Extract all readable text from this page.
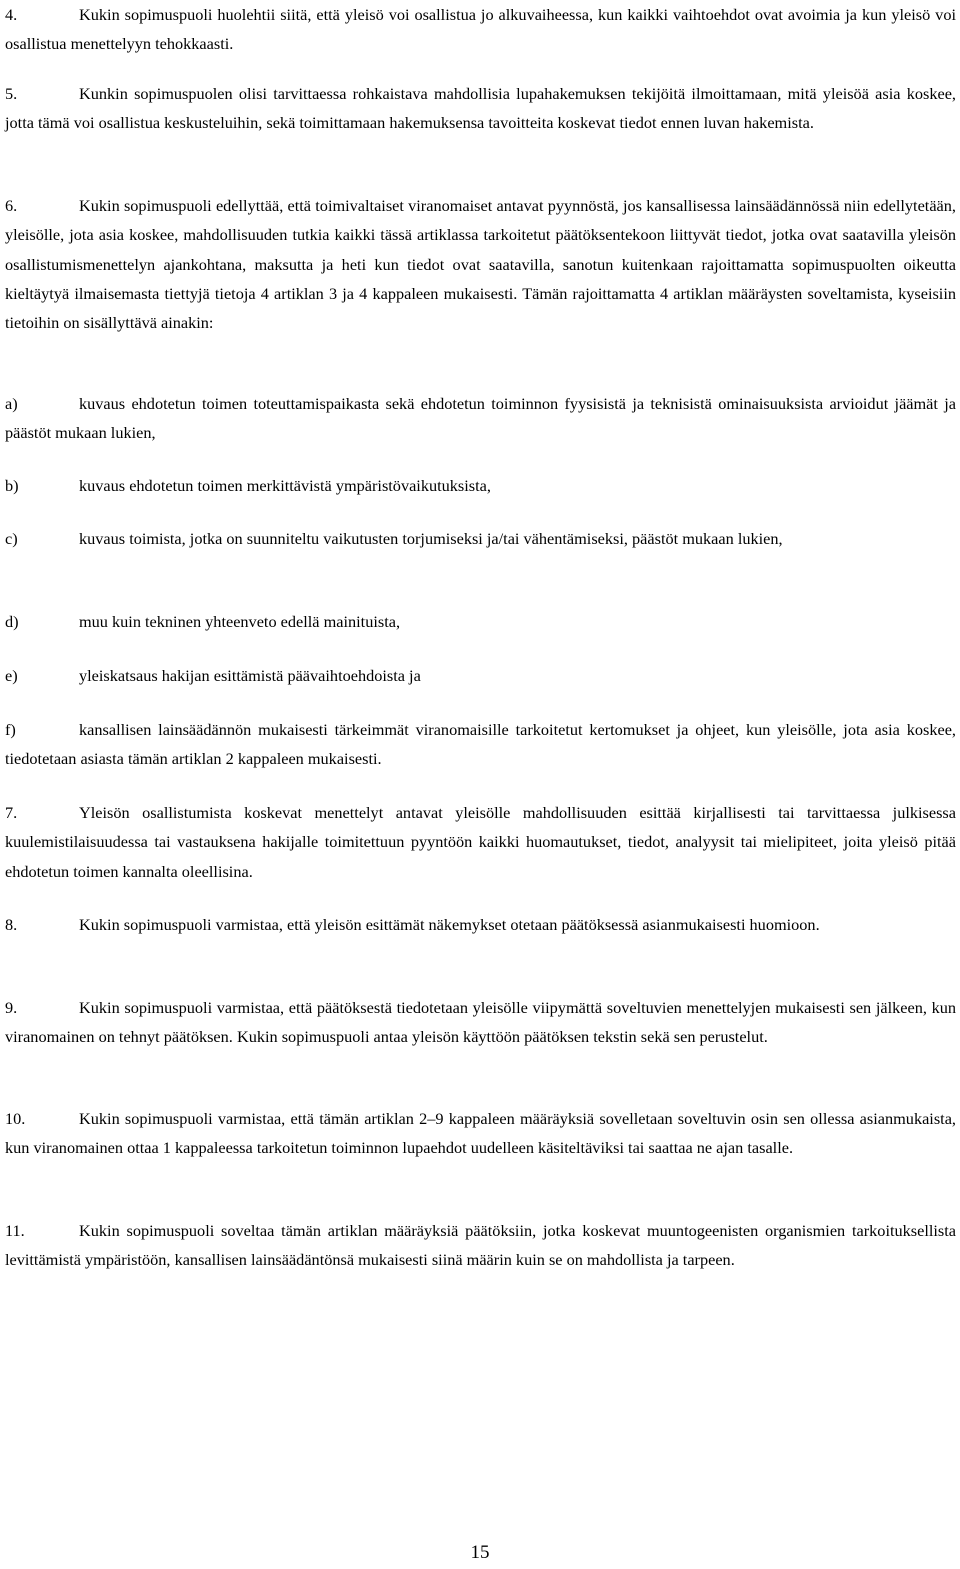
4.	Kukin sopimuspuoli huolehtii siitä, että yleisö voi osallistua jo alkuvaiheessa, kun kaikki vaihtoehdot ovat avoimia ja kun yleisö voi osallistua menettelyyn tehokkaasti.

5.	Kunkin sopimuspuolen olisi tarvittaessa rohkaistava mahdollisia lupahakemuksen tekijöitä ilmoittamaan, mitä yleisöä asia koskee, jotta tämä voi osallistua keskusteluihin, sekä toimittamaan hakemuksensa tavoitteita koskevat tiedot ennen luvan hakemista.

6.	Kukin sopimuspuoli edellyttää, että toimivaltaiset viranomaiset antavat pyynnöstä, jos kansallisessa lainsäädännössä niin edellytetään, yleisölle, jota asia koskee, mahdollisuuden tutkia kaikki tässä artiklassa tarkoitetut päätöksentekoon liittyvät tiedot, jotka ovat saatavilla yleisön osallistumismenettelyn ajankohtana, maksutta ja heti kun tiedot ovat saatavilla, sanotun kuitenkaan rajoittamatta sopimuspuolten oikeutta kieltäytyä ilmaisemasta tiettyjä tietoja 4 artiklan 3 ja 4 kappaleen mukaisesti. Tämän rajoittamatta 4 artiklan määräysten soveltamista, kyseisiin tietoihin on sisällyttävä ainakin:

a)	kuvaus ehdotetun toimen toteuttamispaikasta sekä ehdotetun toiminnon fyysisistä ja teknisistä ominaisuuksista arvioidut jäämät ja päästöt mukaan lukien,

b)	kuvaus ehdotetun toimen merkittävistä ympäristövaikutuksista,

c)	kuvaus toimista, jotka on suunniteltu vaikutusten torjumiseksi ja/tai vähentämiseksi, päästöt mukaan lukien,

d)	muu kuin tekninen yhteenveto edellä mainituista,

e)	yleiskatsaus hakijan esittämistä päävaihtoehdoista ja

f)	kansallisen lainsäädännön mukaisesti tärkeimmät viranomaisille tarkoitetut kertomukset ja ohjeet, kun yleisölle, jota asia koskee, tiedotetaan asiasta tämän artiklan 2 kappaleen mukaisesti.

7.	Yleisön osallistumista koskevat menettelyt antavat yleisölle mahdollisuuden esittää kirjallisesti tai tarvittaessa julkisessa kuulemistilaisuudessa tai vastauksena hakijalle toimitettuun pyyntöön kaikki huomautukset, tiedot, analyysit tai mielipiteet, joita yleisö pitää ehdotetun toimen kannalta oleellisina.

8.	Kukin sopimuspuoli varmistaa, että yleisön esittämät näkemykset otetaan päätöksessä asianmukaisesti huomioon.

9.	Kukin sopimuspuoli varmistaa, että päätöksestä tiedotetaan yleisölle viipymättä soveltuvien menettelyjen mukaisesti sen jälkeen, kun viranomainen on tehnyt päätöksen. Kukin sopimuspuoli antaa yleisön käyttöön päätöksen tekstin sekä sen perustelut.

10.	Kukin sopimuspuoli varmistaa, että tämän artiklan 2–9 kappaleen määräyksiä sovelletaan soveltuvin osin sen ollessa asianmukaista, kun viranomainen ottaa 1 kappaleessa tarkoitetun toiminnon lupaehdot uudelleen käsiteltäviksi tai saattaa ne ajan tasalle.

11.	Kukin sopimuspuoli soveltaa tämän artiklan määräyksiä päätöksiin, jotka koskevat muuntogeenisten organismien tarkoituksellista levittämistä ympäristöön, kansallisen lainsäädäntönsä mukaisesti siinä määrin kuin se on mahdollista ja tarpeen.

15
